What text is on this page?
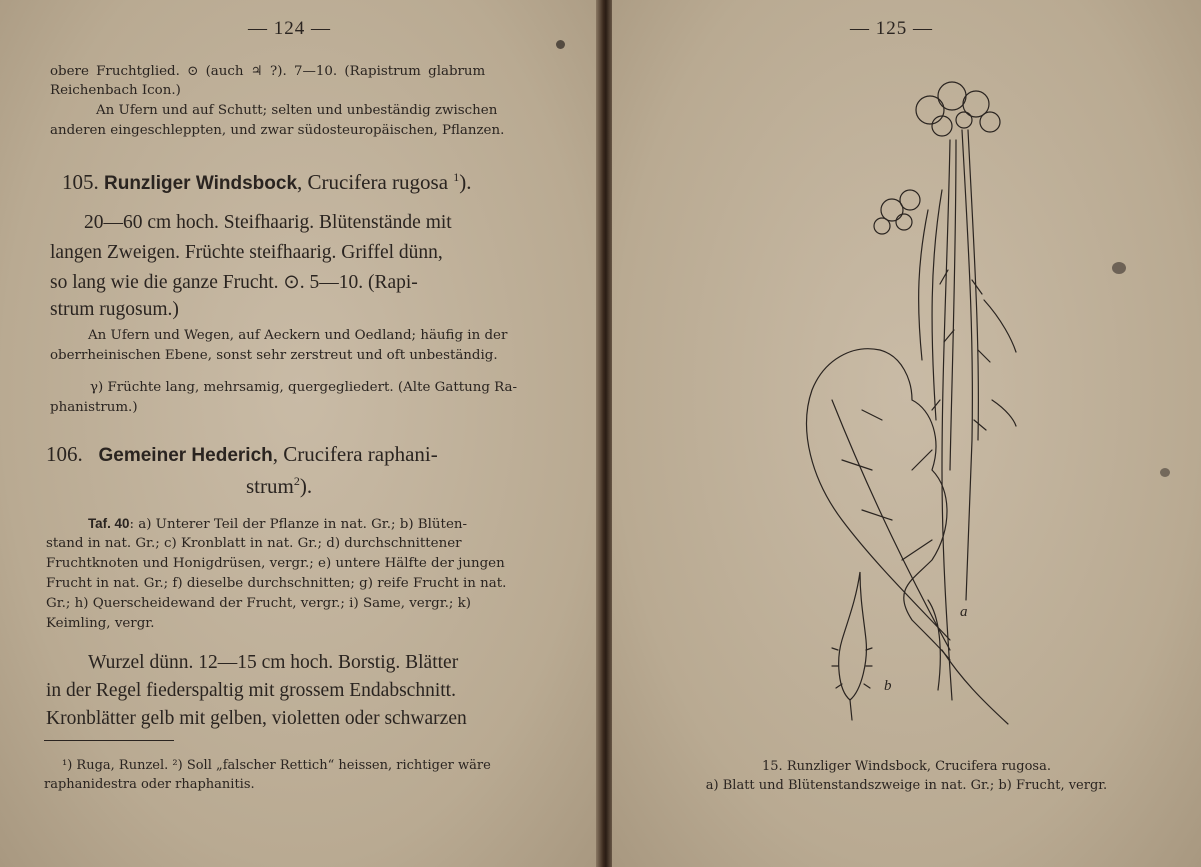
— 124 —
obere Fruchtglied. ⊙ (auch ♃ ?). 7—10. (Rapistrum glabrum
Reichenbach Icon.)
An Ufern und auf Schutt; selten und unbeständig zwischen
anderen eingeschleppten, und zwar südosteuropäischen, Pflanzen.
105. Runzliger Windsbock, Crucifera rugosa $^1$).
20—60 cm hoch. Steifhaarig. Blütenstände mit
langen Zweigen. Früchte steifhaarig. Griffel dünn,
so lang wie die ganze Frucht. ⊙. 5—10. (Rapi-
strum rugosum.)
An Ufern und Wegen, auf Aeckern und Oedland; häufig in der
oberrheinischen Ebene, sonst sehr zerstreut und oft unbeständig.
γ) Früchte lang, mehrsamig, quergegliedert. (Alte Gattung Ra-
phanistrum.)
106. Gemeiner Hederich, Crucifera raphani-
strum$^2$).
Taf. 40: a) Unterer Teil der Pflanze in nat. Gr.; b) Blüten-
stand in nat. Gr.; c) Kronblatt in nat. Gr.; d) durchschnittener
Fruchtknoten und Honigdrüsen, vergr.; e) untere Hälfte der jungen
Frucht in nat. Gr.; f) dieselbe durchschnitten; g) reife Frucht in nat.
Gr.; h) Querscheidewand der Frucht, vergr.; i) Same, vergr.; k)
Keimling, vergr.
Wurzel dünn. 12—15 cm hoch. Borstig. Blätter
in der Regel fiederspaltig mit grossem Endabschnitt.
Kronblätter gelb mit gelben, violetten oder schwarzen
¹) Ruga, Runzel. ²) Soll „falscher Rettich“ heissen, richtiger wäre
raphanidestra oder rhaphanitis.
— 125 —
a
b
15. Runzliger Windsbock, Crucifera rugosa.
a) Blatt und Blütenstandszweige in nat. Gr.; b) Frucht, vergr.
